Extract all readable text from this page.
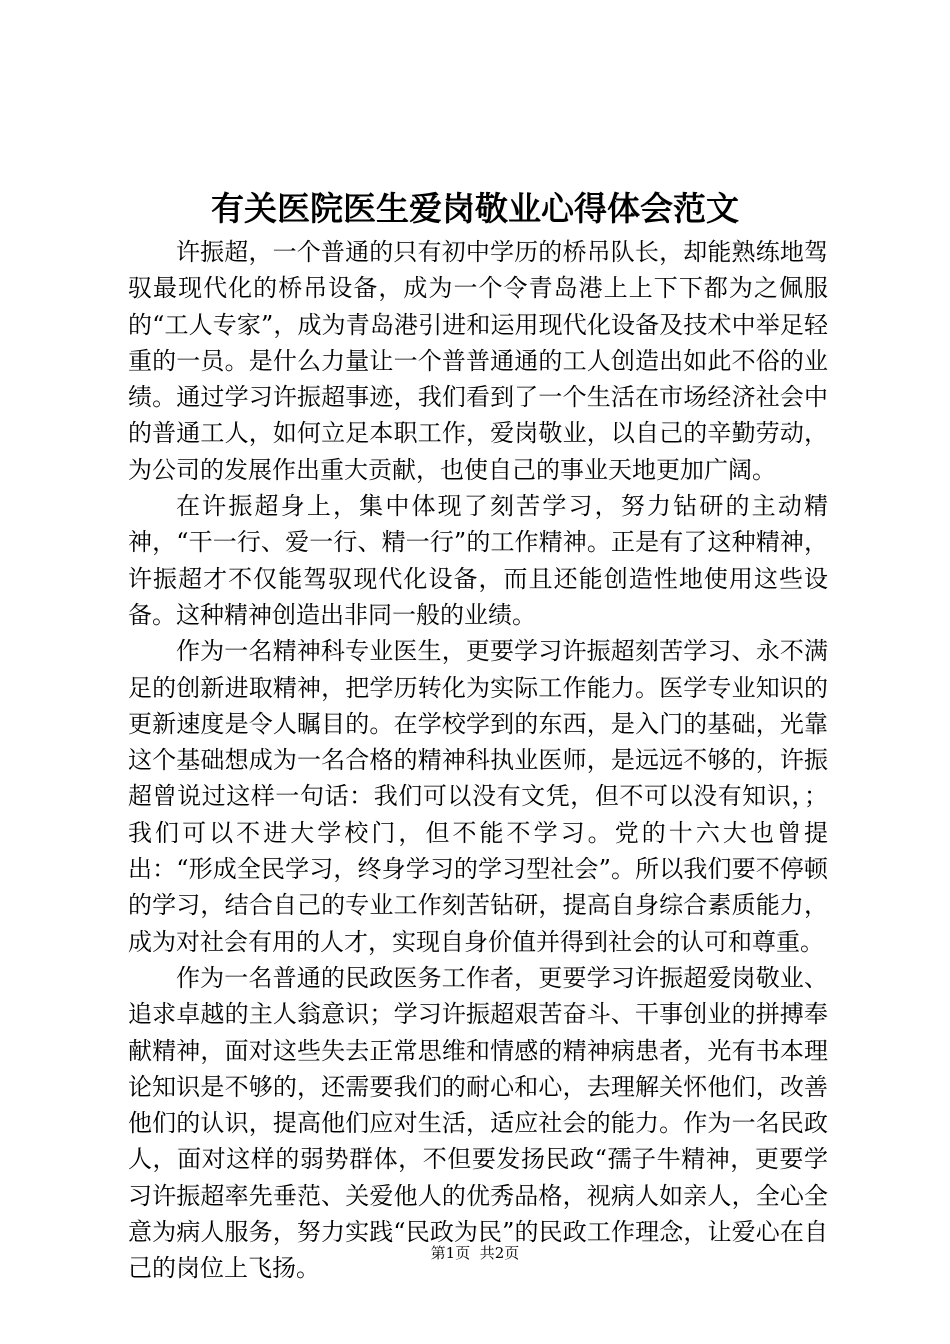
有关医院医生爱岗敬业心得体会范文

许振超，一个普通的只有初中学历的桥吊队长，却能熟练地驾驭最现代化的桥吊设备，成为一个令青岛港上上下下都为之佩服的“工人专家”，成为青岛港引进和运用现代化设备及技术中举足轻重的一员。是什么力量让一个普普通通的工人创造出如此不俗的业绩。通过学习许振超事迹，我们看到了一个生活在市场经济社会中的普通工人，如何立足本职工作，爱岗敬业，以自己的辛勤劳动，为公司的发展作出重大贡献，也使自己的事业天地更加广阔。

在许振超身上，集中体现了刻苦学习，努力钻研的主动精神，“干一行、爱一行、精一行”的工作精神。正是有了这种精神，许振超才不仅能驾驭现代化设备，而且还能创造性地使用这些设备。这种精神创造出非同一般的业绩。

作为一名精神科专业医生，更要学习许振超刻苦学习、永不满足的创新进取精神，把学历转化为实际工作能力。医学专业知识的更新速度是令人瞩目的。在学校学到的东西，是入门的基础，光靠这个基础想成为一名合格的精神科执业医师，是远远不够的，许振超曾说过这样一句话：我们可以没有文凭，但不可以没有知识，；我们可以不进大学校门，但不能不学习。党的十六大也曾提出：“形成全民学习，终身学习的学习型社会”。所以我们要不停顿的学习，结合自己的专业工作刻苦钻研，提高自身综合素质能力，成为对社会有用的人才，实现自身价值并得到社会的认可和尊重。

作为一名普通的民政医务工作者，更要学习许振超爱岗敬业、追求卓越的主人翁意识；学习许振超艰苦奋斗、干事创业的拼搏奉献精神，面对这些失去正常思维和情感的精神病患者，光有书本理论知识是不够的，还需要我们的耐心和心，去理解关怀他们，改善他们的认识，提高他们应对生活，适应社会的能力。作为一名民政人，面对这样的弱势群体，不但要发扬民政“孺子牛精神，更要学习许振超率先垂范、关爱他人的优秀品格，视病人如亲人，全心全意为病人服务，努力实践“民政为民”的民政工作理念，让爱心在自己的岗位上飞扬。

第1页 共2页
